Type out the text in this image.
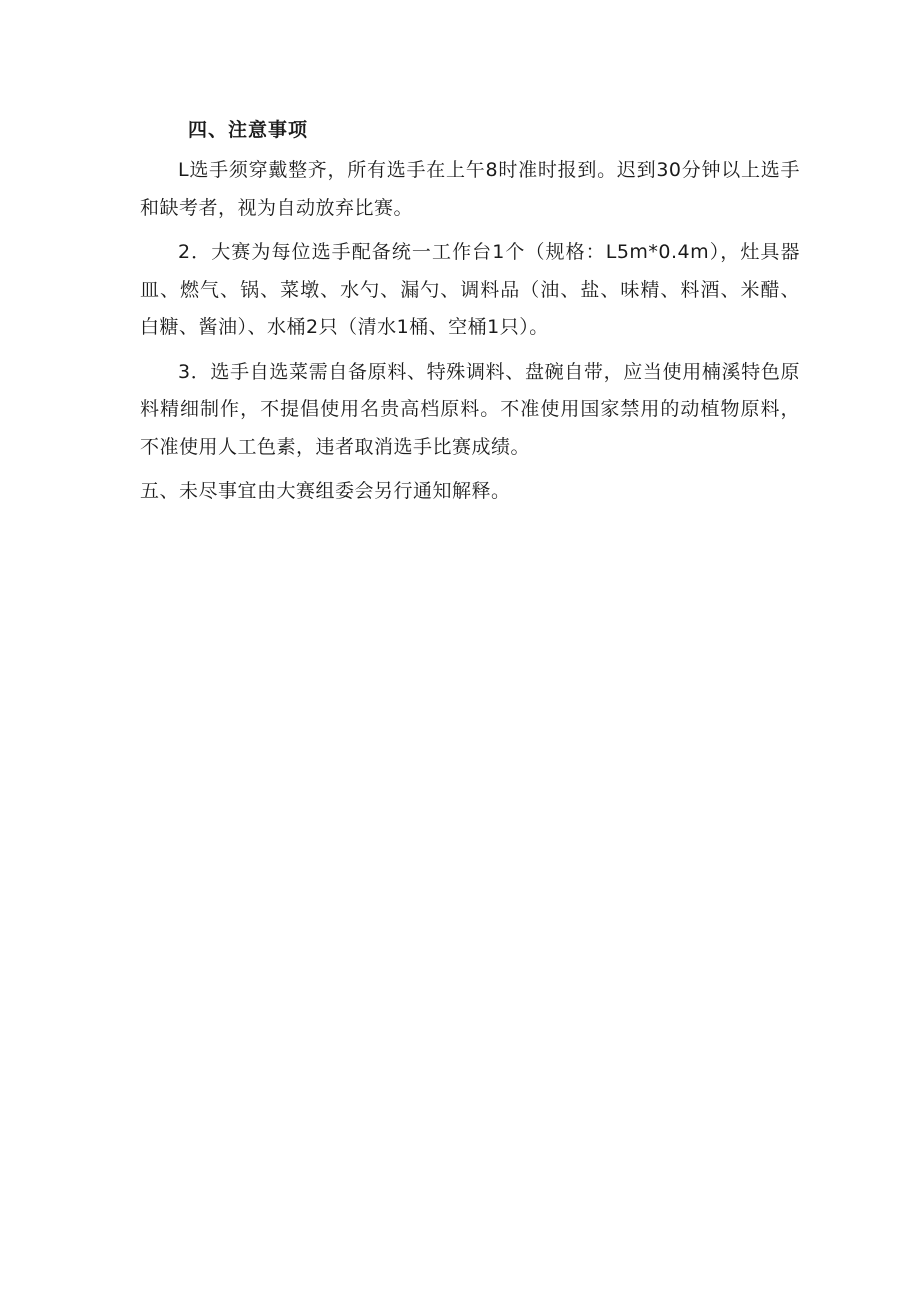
四、注意事项

L选手须穿戴整齐，所有选手在上午8时准时报到。迟到30分钟以上选手和缺考者，视为自动放弃比赛。

2．大赛为每位选手配备统一工作台1个（规格：L5m*0.4m），灶具器皿、燃气、锅、菜墩、水勺、漏勺、调料品（油、盐、味精、料酒、米醋、白糖、酱油）、水桶2只（清水1桶、空桶1只）。

3．选手自选菜需自备原料、特殊调料、盘碗自带，应当使用楠溪特色原料精细制作，不提倡使用名贵高档原料。不准使用国家禁用的动植物原料，不准使用人工色素，违者取消选手比赛成绩。

五、未尽事宜由大赛组委会另行通知解释。
